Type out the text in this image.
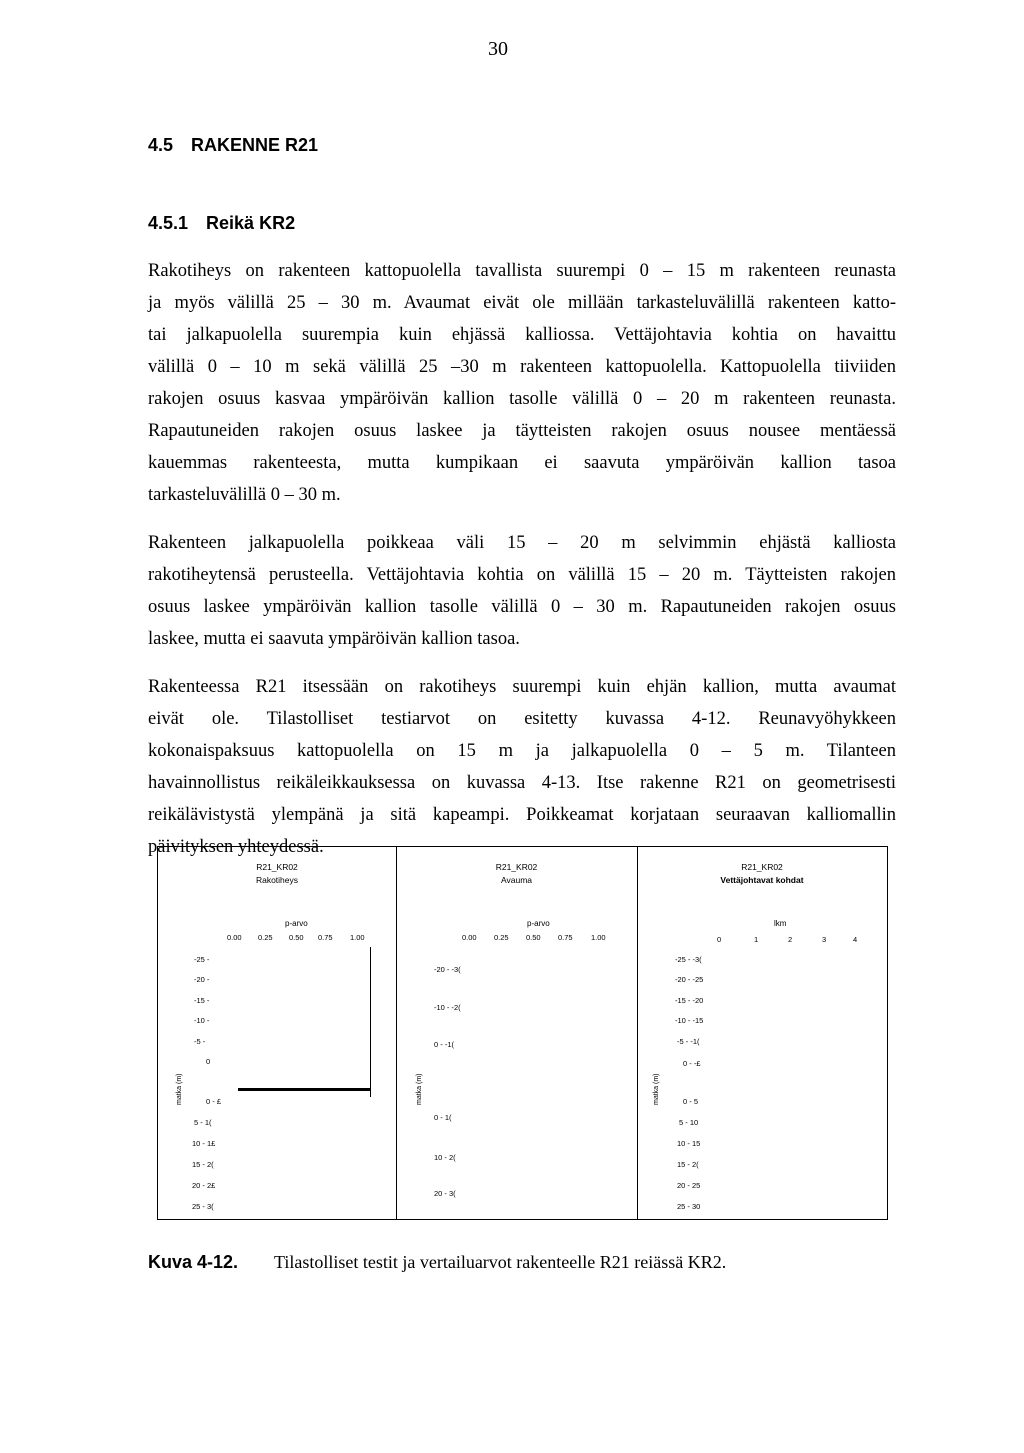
30
4.5 RAKENNE R21
4.5.1 Reikä KR2
Rakotiheys on rakenteen kattopuolella tavallista suurempi 0 – 15 m rakenteen reunasta
ja myös välillä 25 – 30 m. Avaumat eivät ole millään tarkasteluvälillä rakenteen katto-
tai jalkapuolella suurempia kuin ehjässä kalliossa. Vettäjohtavia kohtia on havaittu
välillä 0 – 10 m sekä välillä 25 –30 m rakenteen kattopuolella. Kattopuolella tiiviiden
rakojen osuus kasvaa ympäröivän kallion tasolle välillä 0 – 20 m rakenteen reunasta.
Rapautuneiden rakojen osuus laskee ja täytteisten rakojen osuus nousee mentäessä
kauemmas rakenteesta, mutta kumpikaan ei saavuta ympäröivän kallion tasoa
tarkasteluvälillä 0 – 30 m.
Rakenteen jalkapuolella poikkeaa väli 15 – 20 m selvimmin ehjästä kalliosta
rakotiheytensä perusteella. Vettäjohtavia kohtia on välillä 15 – 20 m. Täytteisten rakojen
osuus laskee ympäröivän kallion tasolle välillä 0 – 30 m. Rapautuneiden rakojen osuus
laskee, mutta ei saavuta ympäröivän kallion tasoa.
Rakenteessa R21 itsessään on rakotiheys suurempi kuin ehjän kallion, mutta avaumat
eivät ole. Tilastolliset testiarvot on esitetty kuvassa 4-12. Reunavyöhykkeen
kokonaispaksuus kattopuolella on 15 m ja jalkapuolella 0 – 5 m. Tilanteen
havainnollistus reikäleikkauksessa on kuvassa 4-13. Itse rakenne R21 on geometrisesti
reikälävistystä ylempänä ja sitä kapeampi. Poikkeamat korjataan seuraavan kalliomallin
päivityksen yhteydessä.
R21_KR02
Rakotiheys
p-arvo
0.00 0.25 0.50 0.75 1.00
matka (m)
-25 -
-20 -
-15 -
-10 -
-5 -
0
0 - £
5 - 1(
10 - 1£
15 - 2(
20 - 2£
25 - 3(
R21_KR02
Avauma
p-arvo
0.00 0.25 0.50 0.75 1.00
matka (m)
-20 - -3(
-10 - -2(
0 - -1(
0 - 1(
10 - 2(
20 - 3(
R21_KR02
Vettäjohtavat kohdat
lkm
0	1	2	3	4
matka (m)
-25 - -3(
-20 - -25
-15 - -20
-10 - -15
-5 - -1(
0 - -£
0 - 5
5 - 10
10 - 15
15 - 2(
20 - 25
25 - 30
Kuva 4-12. Tilastolliset testit ja vertailuarvot rakenteelle R21 reiässä KR2.
